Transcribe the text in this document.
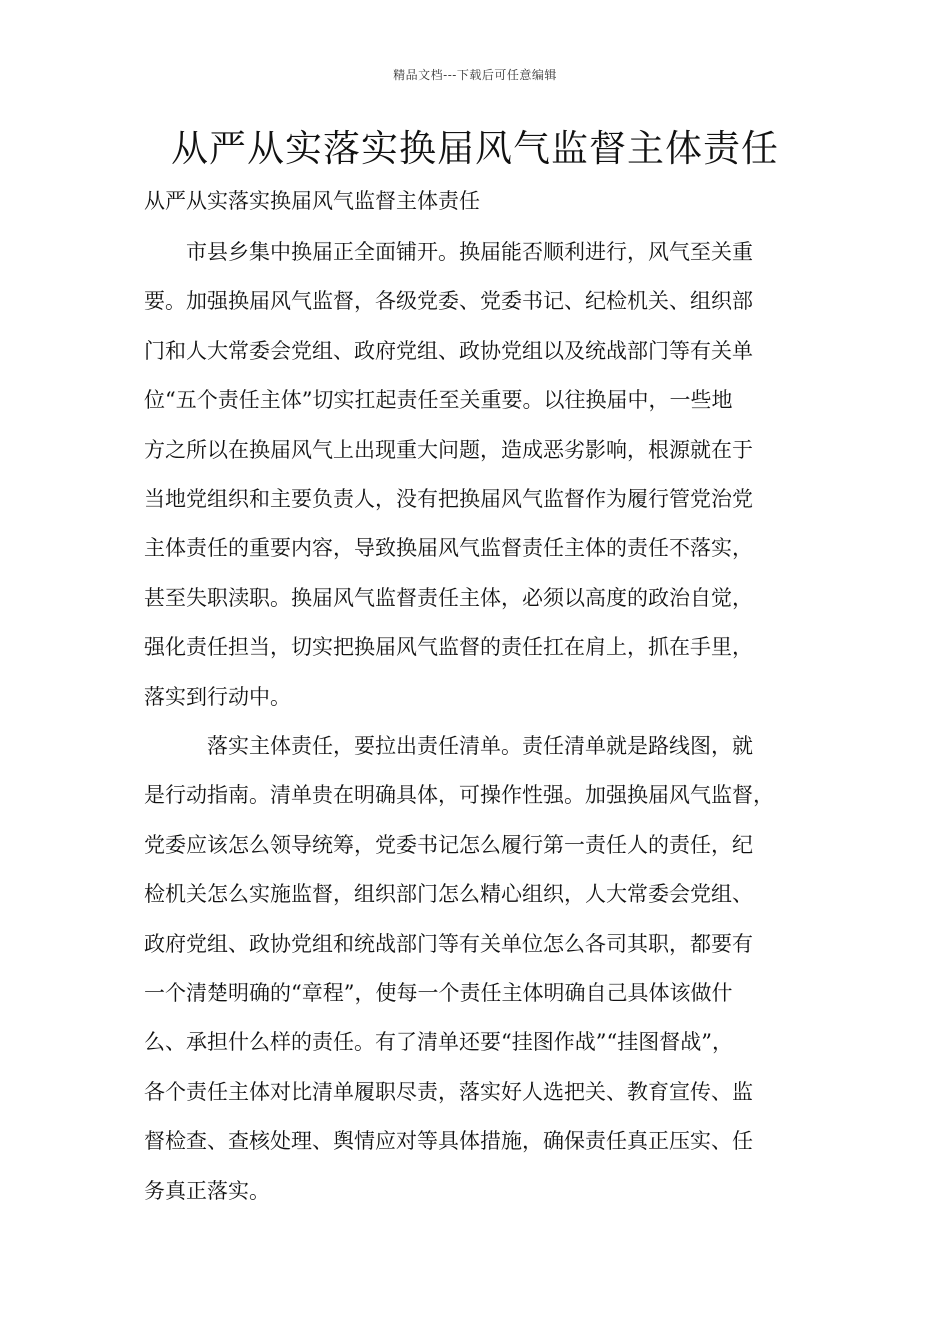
精品文档---下载后可任意编辑
从严从实落实换届风气监督主体责任
从严从实落实换届风气监督主体责任
　　市县乡集中换届正全面铺开。换届能否顺利进行，风气至关重
要。加强换届风气监督，各级党委、党委书记、纪检机关、组织部
门和人大常委会党组、政府党组、政协党组以及统战部门等有关单
位“五个责任主体”切实扛起责任至关重要。以往换届中，一些地
方之所以在换届风气上出现重大问题，造成恶劣影响，根源就在于
当地党组织和主要负责人，没有把换届风气监督作为履行管党治党
主体责任的重要内容，导致换届风气监督责任主体的责任不落实，
甚至失职渎职。换届风气监督责任主体，必须以高度的政治自觉，
强化责任担当，切实把换届风气监督的责任扛在肩上，抓在手里，
落实到行动中。
　　　落实主体责任，要拉出责任清单。责任清单就是路线图，就
是行动指南。清单贵在明确具体，可操作性强。加强换届风气监督，
党委应该怎么领导统筹，党委书记怎么履行第一责任人的责任，纪
检机关怎么实施监督，组织部门怎么精心组织，人大常委会党组、
政府党组、政协党组和统战部门等有关单位怎么各司其职，都要有
一个清楚明确的“章程”，使每一个责任主体明确自己具体该做什
么、承担什么样的责任。有了清单还要“挂图作战”“挂图督战”，
各个责任主体对比清单履职尽责，落实好人选把关、教育宣传、监
督检查、查核处理、舆情应对等具体措施，确保责任真正压实、任
务真正落实。
